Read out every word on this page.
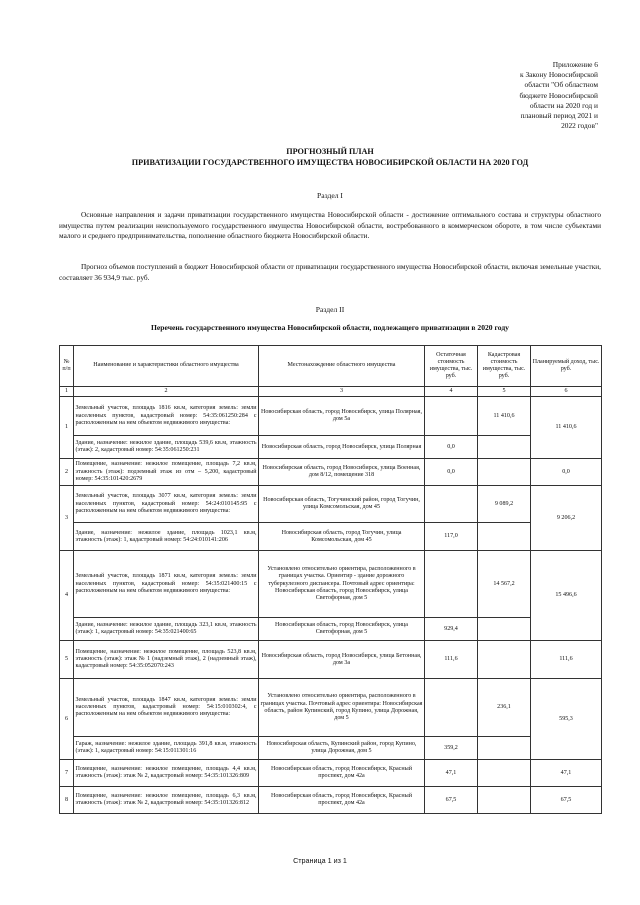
Приложение 6
к Закону Новосибирской
области "Об областном
бюджете Новосибирской
области на 2020 год и
плановый период 2021 и
2022 годов"
ПРОГНОЗНЫЙ ПЛАН
ПРИВАТИЗАЦИИ ГОСУДАРСТВЕННОГО ИМУЩЕСТВА НОВОСИБИРСКОЙ ОБЛАСТИ НА 2020 ГОД
Раздел I

Основные направления и задачи приватизации государственного имущества Новосибирской области - достижение оптимального состава и структуры областного имущества путем реализации неиспользуемого государственного имущества Новосибирской области, востребованного в коммерческом обороте, в том числе субъектами малого и среднего предпринимательства, пополнение областного бюджета Новосибирской области.

Прогноз объемов поступлений в бюджет Новосибирской области от приватизации государственного имущества Новосибирской области, включая земельные участки, составляет 36 934,9 тыс. руб.

Раздел II
Перечень государственного имущества Новосибирской области, подлежащего приватизации в 2020 году
№ п/п	Наименование и характеристики областного имущества	Местонахождение областного имущества	Остаточная стоимость имущества, тыс. руб.	Кадастровая стоимость имущества, тыс. руб.	Планируемый доход, тыс. руб.
1	2	3	4	5	6
1	Земельный участок, площадь 1816 кв.м, категория земель: земли населенных пунктов, кадастровый номер: 54:35:061250:284 с расположенным на нем объектом недвижимого имущества:	Новосибирская область, город Новосибирск, улица Полярная, дом 5а		11 410,6	11 410,6
	Здание, назначение: нежилое здание, площадь 539,6 кв.м, этажность (этаж): 2, кадастровый номер: 54:35:061250:231	Новосибирская область, город Новосибирск, улица Полярная	0,0		
2	Помещение, назначение: нежилое помещение, площадь 7,2 кв.м, этажность (этаж): подземный этаж из отм – 5,200, кадастровый номер: 54:35:101420:2679	Новосибирская область, город Новосибирск, улица Военная, дом 8/12, помещение 318	0,0		0,0
3	Земельный участок, площадь 3077 кв.м, категория земель: земли населенных пунктов, кадастровый номер: 54:24:010145:95 с расположенным на нем объектом недвижимого имущества:	Новосибирская область, Тогучинский район, город Тогучин, улица Комсомольская, дом 45		9 089,2	9 206,2
	Здание, назначение: нежилое здание, площадь 1023,1 кв.м, этажность (этаж): 1, кадастровый номер: 54:24:010141:206	Новосибирская область, город Тогучин, улица Комсомольская, дом 45	117,0		
4	Земельный участок, площадь 1871 кв.м, категория земель: земли населенных пунктов, кадастровый номер: 54:35:021400:15 с расположенным на нем объектом недвижимого имущества:	Установлено относительно ориентира, расположенного в границах участка. Ориентир - здание дорожного туберкулезного диспансера. Почтовый адрес ориентира: Новосибирская область, город Новосибирск, улица Светофорная, дом 5		14 567,2	15 496,6
	Здание, назначение: нежилое здание, площадь 323,1 кв.м, этажность (этаж): 1, кадастровый номер: 54:35:021400:65	Новосибирская область, город Новосибирск, улица Светофорная, дом 5	929,4		
5	Помещение, назначение: нежилое помещение, площадь 523,8 кв.м, этажность (этаж): этаж № 1 (надземный этаж), 2 (надземный этаж), кадастровый номер: 54:35:052070:243	Новосибирская область, город Новосибирск, улица Бетонная, дом 3а	111,6		111,6
6	Земельный участок, площадь 1847 кв.м, категория земель: земли населенных пунктов, кадастровый номер: 54:15:010302:4, с расположенным на нем объектом недвижимого имущества:	Установлено относительно ориентира, расположенного в границах участка. Почтовый адрес ориентира: Новосибирская область, район Купинский, город Купино, улица Дорожная, дом 5		236,1	595,3
	Гараж, назначение: нежилое здание, площадь 391,8 кв.м, этажность (этаж): 1, кадастровый номер: 54:15:011301:16	Новосибирская область, Купинский район, город Купино, улица Дорожная, дом 5	359,2		
7	Помещение, назначение: нежилое помещение, площадь 4,4 кв.м, этажность (этаж): этаж № 2, кадастровый номер: 54:35:101326:809	Новосибирская область, город Новосибирск, Красный проспект, дом 42а	47,1		47,1
8	Помещение, назначение: нежилое помещение, площадь 6,3 кв.м, этажность (этаж): этаж № 2, кадастровый номер: 54:35:101326:812	Новосибирская область, город Новосибирск, Красный проспект, дом 42а	67,5		67,5
Страница 1 из 1
